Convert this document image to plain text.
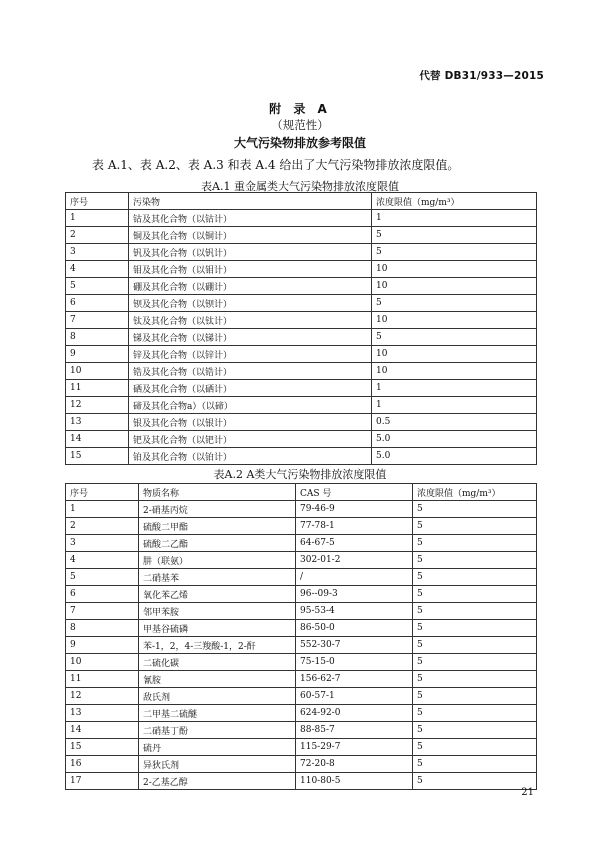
代替 DB31/933—2015
附 录 A
（规范性）
大气污染物排放参考限值
表 A.1、表 A.2、表 A.3 和表 A.4 给出了大气污染物排放浓度限值。
表A.1 重金属类大气污染物排放浓度限值
序号	污染物	浓度限值（mg/m³）
1	钴及其化合物（以钴计）	1
2	铜及其化合物（以铜计）	5
3	钒及其化合物（以钒计）	5
4	钼及其化合物（以钼计）	10
5	硼及其化合物（以硼计）	10
6	钡及其化合物（以钡计）	5
7	钛及其化合物（以钛计）	10
8	锑及其化合物（以锑计）	5
9	锌及其化合物（以锌计）	10
10	锆及其化合物（以锆计）	10
11	硒及其化合物（以硒计）	1
12	碲及其化合物a）（以碲）	1
13	银及其化合物（以银计）	0.5
14	钯及其化合物（以钯计）	5.0
15	铂及其化合物（以铂计）	5.0
表A.2 A类大气污染物排放浓度限值
序号	物质名称	CAS 号	浓度限值（mg/m³）
1	2-硝基丙烷	79-46-9	5
2	硫酸二甲酯	77-78-1	5
3	硫酸二乙酯	64-67-5	5
4	肼（联氨）	302-01-2	5
5	二硝基苯	/	5
6	氧化苯乙烯	96--09-3	5
7	邻甲苯胺	95-53-4	5
8	甲基谷硫磷	86-50-0	5
9	苯-1，2，4-三羧酸-1，2-酐	552-30-7	5
10	二硫化碳	75-15-0	5
11	氰胺	156-62-7	5
12	敌氏剂	60-57-1	5
13	二甲基二硫醚	624-92-0	5
14	二硝基丁酚	88-85-7	5
15	硫丹	115-29-7	5
16	异狄氏剂	72-20-8	5
17	2-乙基乙醇	110-80-5	5
21
